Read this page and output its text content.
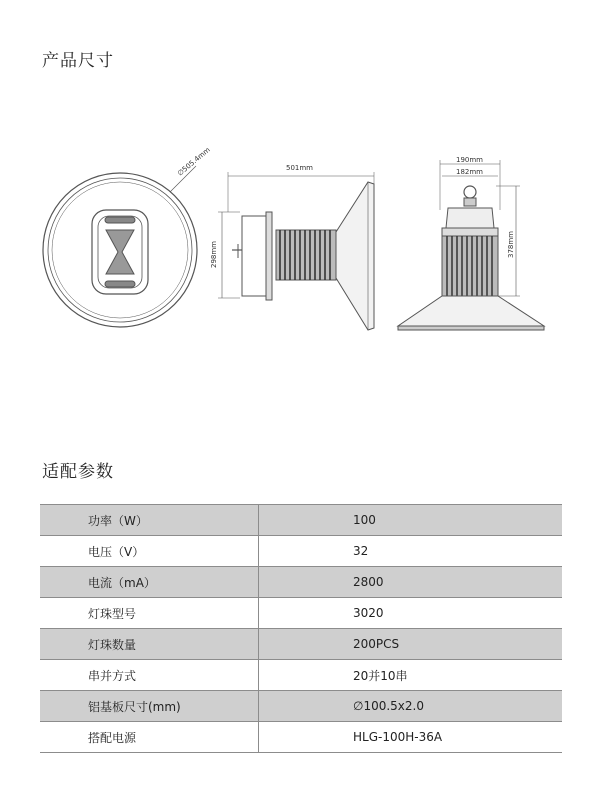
产品尺寸
∅505.4mm	501mm
298mm
190mm
182mm
378mm
适配参数
功率（W）	100
电压（V）	32
电流（mA）	2800
灯珠型号	3020
灯珠数量	200PCS
串并方式	20并10串
铝基板尺寸(mm)	∅100.5x2.0
搭配电源	HLG-100H-36A
